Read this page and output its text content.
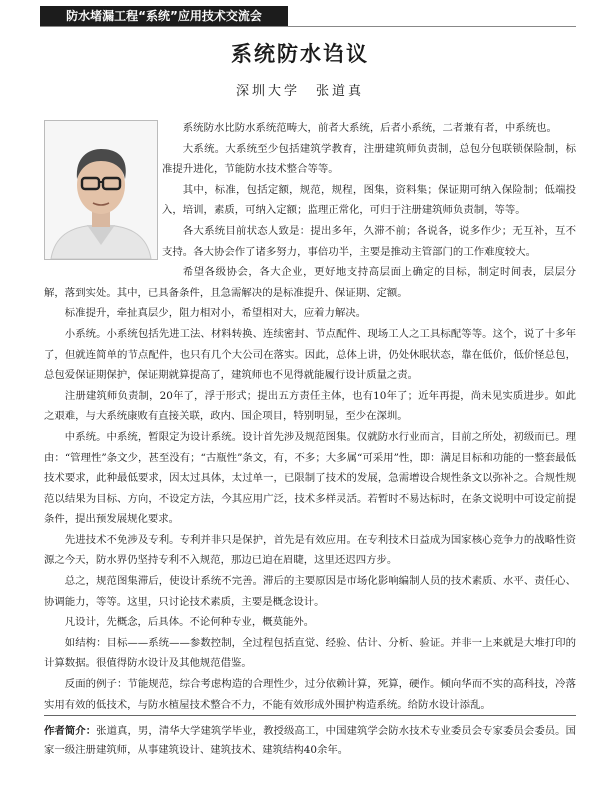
防水堵漏工程“系统”应用技术交流会
系统防水诌议
深圳大学　张道真

系统防水比防水系统范畴大，前者大系统，后者小系统，二者兼有者，中系统也。

大系统。大系统至少包括建筑学教育，注册建筑师负责制，总包分包联锁保险制，标准提升进化，节能防水技术整合等等。

其中，标准，包括定额，规范，规程，图集，资料集；保证期可纳入保险制；低端投入，培训，素质，可纳入定额；监理正常化，可归于注册建筑师负责制，等等。

各大系统目前状态人致是：提出多年，久滞不前；各说各，说多作少；无互补，互不支持。各大协会作了诸多努力，事倍功半，主要是推动主管部门的工作难度较大。

希望各级协会，各大企业，更好地支持高层面上确定的目标，制定时间表，层层分解，落到实处。其中，已具备条件，且急需解决的是标准提升、保证期、定额。

标准提升，牵扯真层少，阻力相对小，希望相对大，应着力解决。

小系统。小系统包括先进工法、材料转换、连续密封、节点配件、现场工人之工具标配等等。这个，说了十多年了，但就连简单的节点配件，也只有几个大公司在落实。因此，总体上讲，仍处休眠状态，靠在低价，低价怪总包，总包爱保证期保护，保证期就算提高了，建筑师也不见得就能履行设计质量之责。

注册建筑师负责制，20年了，浮于形式；提出五方责任主体，也有10年了；近年再提，尚未见实质进步。如此之艰难，与大系统康败有直接关联，政内、国企项目，特别明显，至少在深圳。

中系统。中系统，暂限定为设计系统。设计首先涉及规范图集。仅就防水行业而言，目前之所处，初级而已。理由：“管理性”条文少，甚至没有；“古瓶性”条文，有，不多；大多属“可采用”性，即：满足目标和功能的一整套最低技术要求，此种最低要求，因太过具体，太过单一，已限制了技术的发展，急需增设合规性条文以弥补之。合规性规范以结果为目标、方向，不设定方法，今其应用广泛，技术多样灵活。若暂时不易达标时，在条文说明中可设定前提条件，提出预发展规化要求。

先进技术不免涉及专利。专利并非只是保护，首先是有效应用。在专利技术日益成为国家核心竞争力的战略性资源之今天，防水界仍坚持专利不入规范，那边已迫在眉睫，这里还迟四方步。

总之，规范图集滞后，使设计系统不完善。滞后的主要原因是市场化影响编制人员的技术素质、水平、责任心、协调能力，等等。这里，只讨论技术素质，主要是概念设计。

凡设计，先概念，后具体。不论何种专业，概莫能外。

如结构：目标——系统——参数控制，全过程包括直觉、经验、估计、分析、验证。并非一上来就是大堆打印的计算数据。很值得防水设计及其他规范借鉴。

反面的例子：节能规范，综合考虑构造的合理性少，过分依赖计算，死算，硬作。倾向华而不实的高科技，冷落实用有效的低技术，与防水植屋技术整合不力，不能有效形成外围护构造系统。给防水设计添乱。

作者简介：张道真，男，清华大学建筑学毕业，教授级高工，中国建筑学会防水技术专业委员会专家委员会委员。国家一级注册建筑师，从事建筑设计、建筑技术、建筑结构40余年。
